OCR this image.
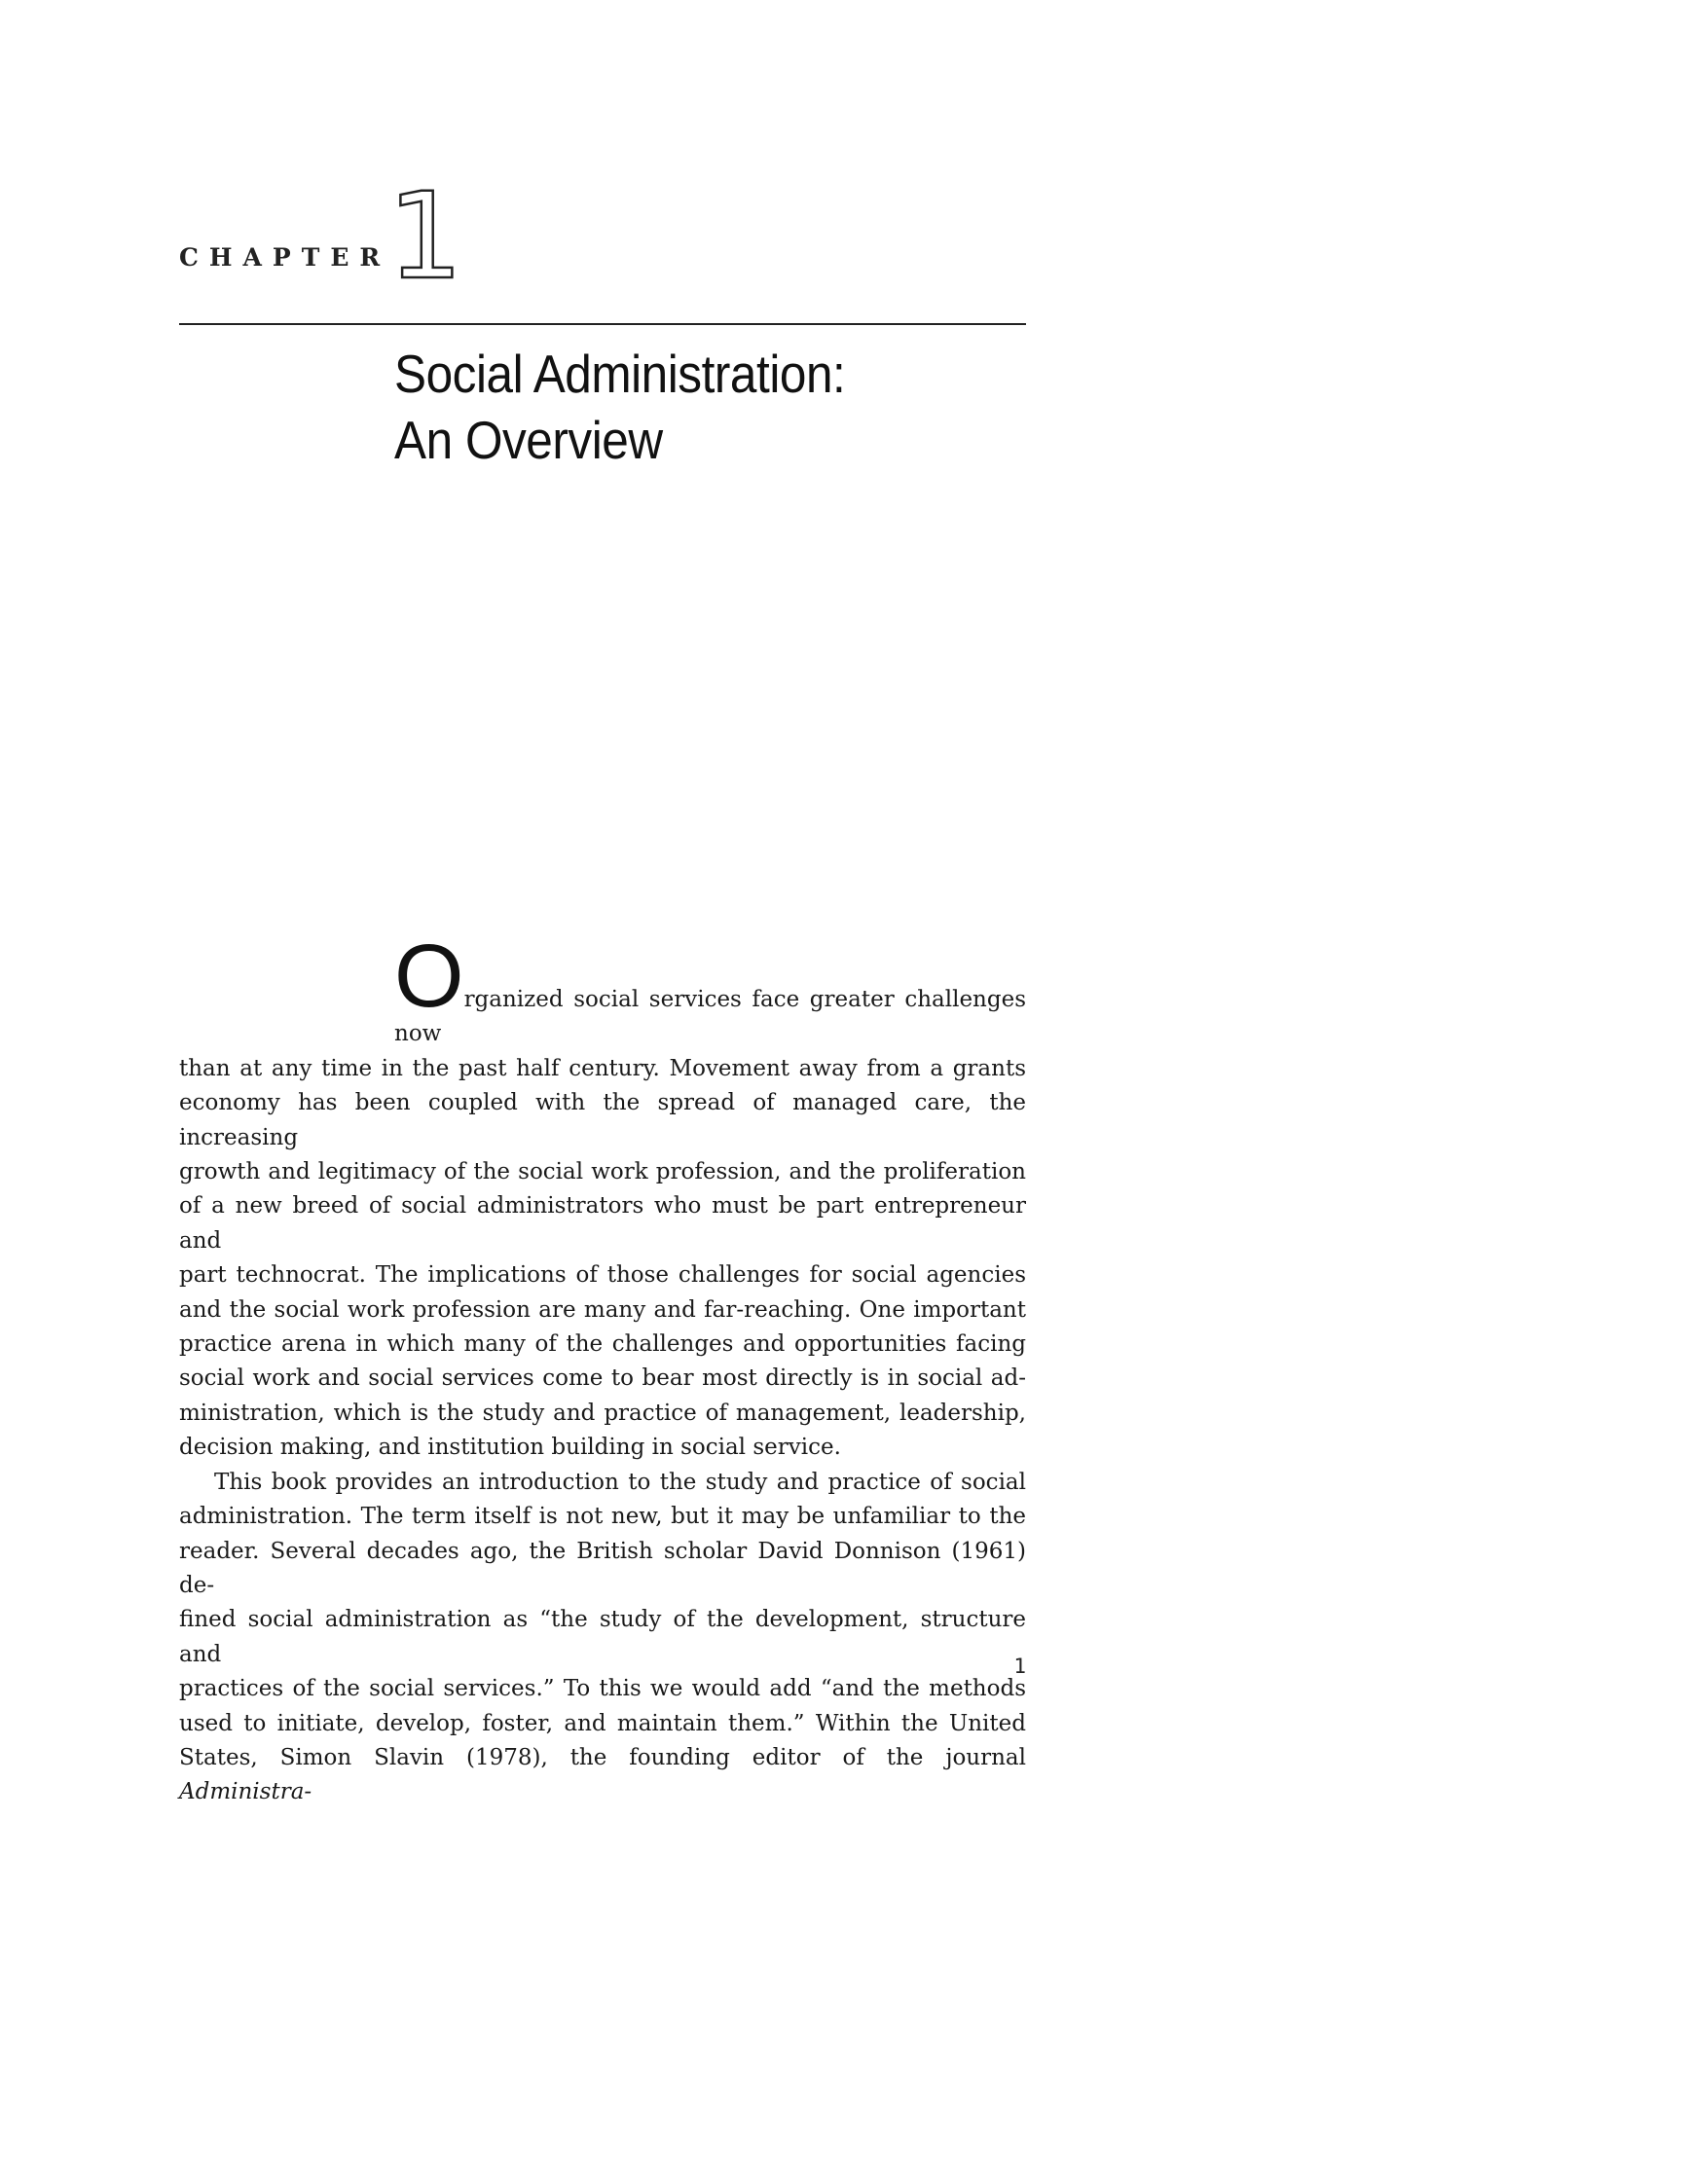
CHAPTER
1
Social Administration:
An Overview

Organized social services face greater challenges now
than at any time in the past half century. Movement away from a grants
economy has been coupled with the spread of managed care, the increasing
growth and legitimacy of the social work profession, and the proliferation
of a new breed of social administrators who must be part entrepreneur and
part technocrat. The implications of those challenges for social agencies
and the social work profession are many and far-reaching. One important
practice arena in which many of the challenges and opportunities facing
social work and social services come to bear most directly is in social ad-
ministration, which is the study and practice of management, leadership,
decision making, and institution building in social service.

This book provides an introduction to the study and practice of social
administration. The term itself is not new, but it may be unfamiliar to the
reader. Several decades ago, the British scholar David Donnison (1961) de-
fined social administration as “the study of the development, structure and
practices of the social services.” To this we would add “and the methods
used to initiate, develop, foster, and maintain them.” Within the United
States, Simon Slavin (1978), the founding editor of the journal Administra-

1
